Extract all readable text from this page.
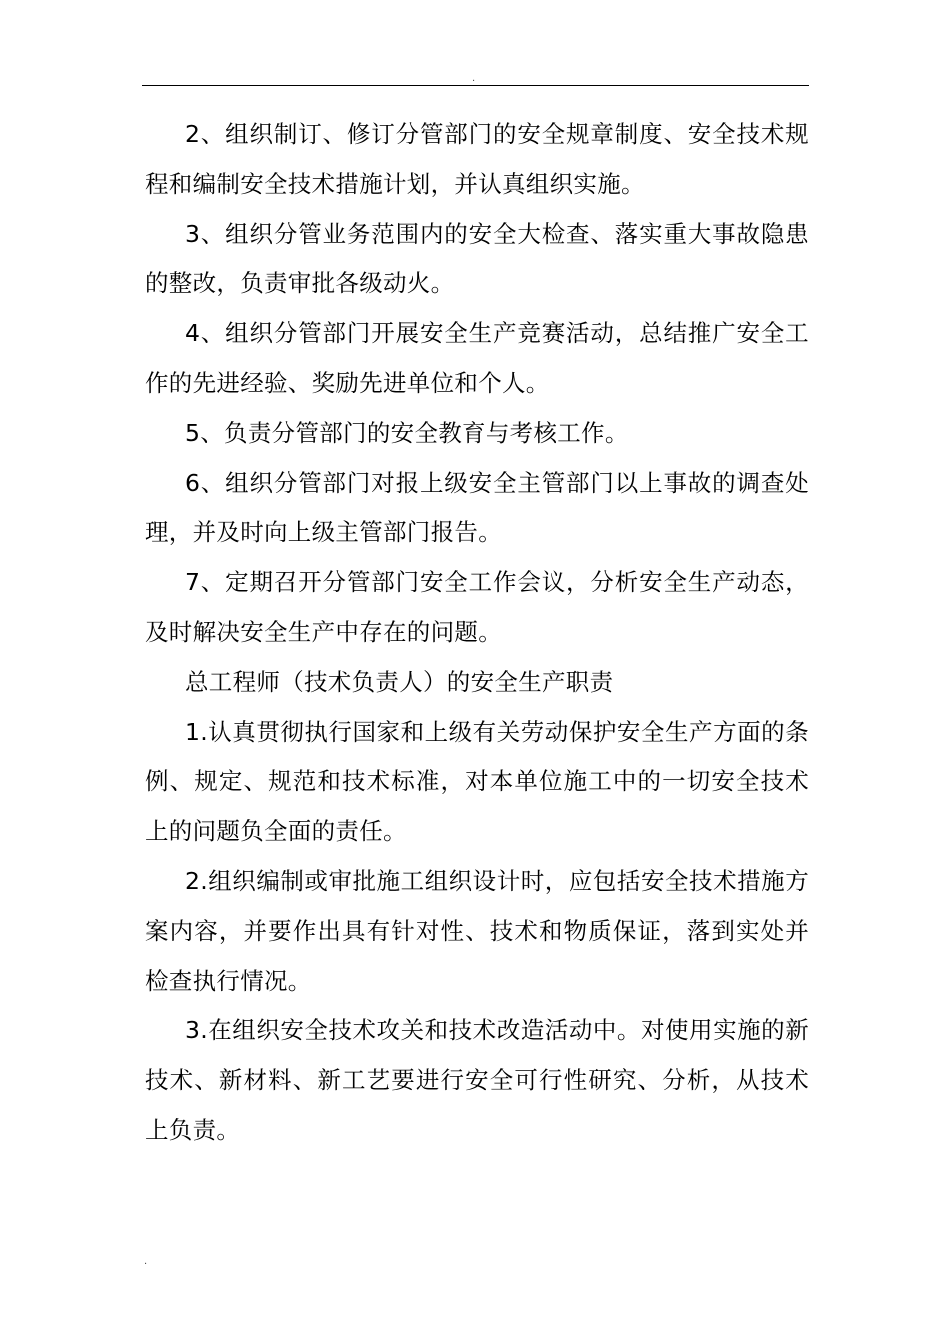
.

2、组织制订、修订分管部门的安全规章制度、安全技术规程和编制安全技术措施计划，并认真组织实施。

3、组织分管业务范围内的安全大检查、落实重大事故隐患的整改，负责审批各级动火。

4、组织分管部门开展安全生产竞赛活动，总结推广安全工作的先进经验、奖励先进单位和个人。

5、负责分管部门的安全教育与考核工作。

6、组织分管部门对报上级安全主管部门以上事故的调查处理，并及时向上级主管部门报告。

7、定期召开分管部门安全工作会议，分析安全生产动态，及时解决安全生产中存在的问题。

总工程师（技术负责人）的安全生产职责

1.认真贯彻执行国家和上级有关劳动保护安全生产方面的条例、规定、规范和技术标准，对本单位施工中的一切安全技术上的问题负全面的责任。

2.组织编制或审批施工组织设计时，应包括安全技术措施方案内容，并要作出具有针对性、技术和物质保证，落到实处并检查执行情况。

3.在组织安全技术攻关和技术改造活动中。对使用实施的新技术、新材料、新工艺要进行安全可行性研究、分析，从技术上负责。

.
